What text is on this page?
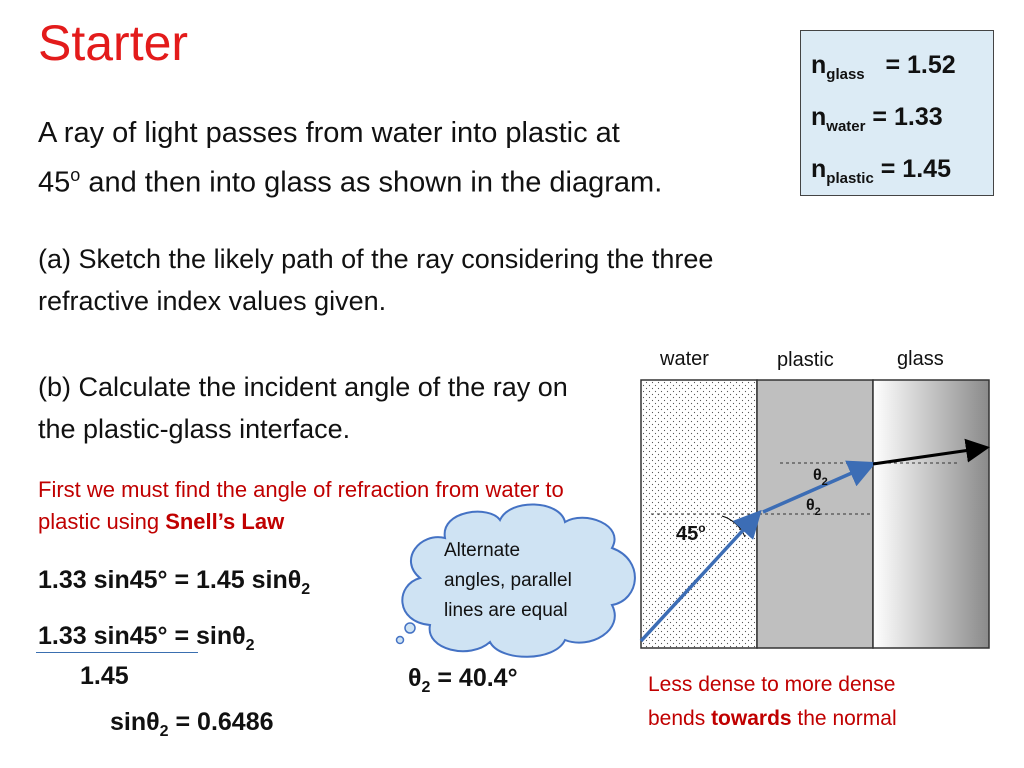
Starter
A ray of light passes from water into plastic at
45$^o$ and then into glass as shown in the diagram.
(a) Sketch the likely path of the ray considering the three refractive index values given.
(b) Calculate the incident angle of the ray on the plastic-glass interface.
First we must find the angle of refraction from water to plastic using Snell’s Law
1.33 sin45° = 1.45 sinθ$_2$
1.33 sin45° = sinθ$_2$
1.45
sinθ$_2$ = 0.6486
$\theta_2 = 40.4^\circ$
$n_{glass} = 1.52$
$n_{water} = 1.33$
$n_{plastic} = 1.45$
water	plastic	glass
45$^o$
$\theta_2$
$\theta_2$
Alternate
angles, parallel
lines are equal
Less dense to more dense
bends towards the normal
